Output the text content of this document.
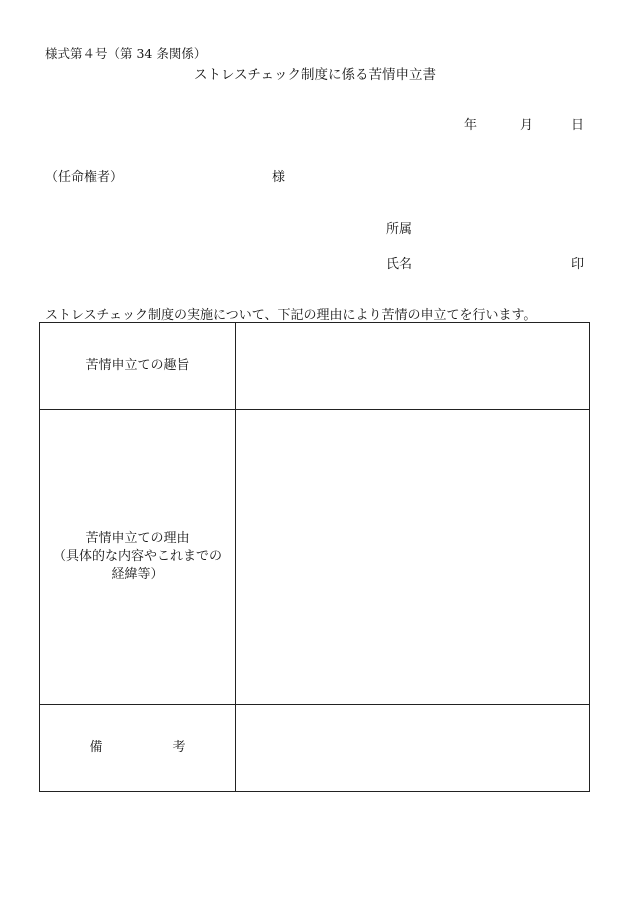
様式第４号（第 34 条関係）
ストレスチェック制度に係る苦情申立書
年	月	日
（任命権者）	様
所属
氏名	印
ストレスチェック制度の実施について、下記の理由により苦情の申立てを行います。
苦情申立ての趣旨	

苦情申立ての理由
（具体的な内容やこれまでの
経緯等）	

備 考	
